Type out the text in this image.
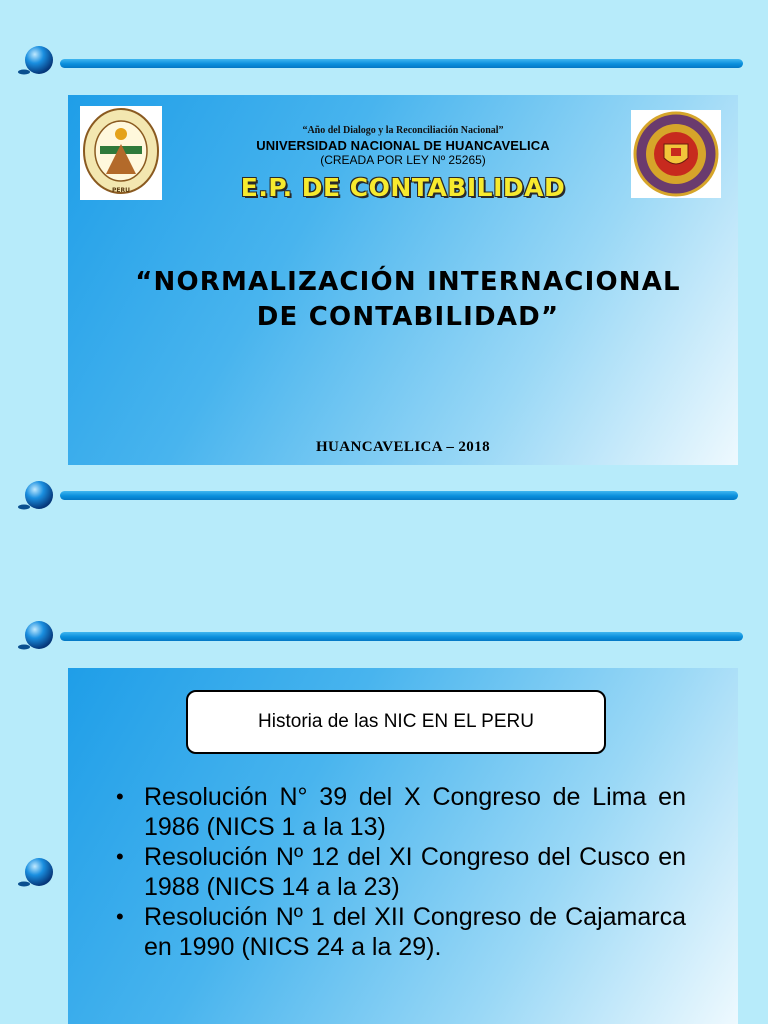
PERU
“Año del Dialogo y la Reconciliación Nacional”
UNIVERSIDAD NACIONAL DE HUANCAVELICA
(CREADA POR LEY Nº 25265)
E.P. DE CONTABILIDAD
“NORMALIZACIÓN INTERNACIONAL
DE CONTABILIDAD”
HUANCAVELICA – 2018
Historia de las NIC EN EL PERU
• Resolución N° 39 del X Congreso de Lima en 1986 (NICS 1 a la 13)
• Resolución Nº 12 del XI Congreso del Cusco en 1988 (NICS 14 a la 23)
• Resolución Nº 1 del XII Congreso de Cajamarca en 1990 (NICS 24 a la 29).
